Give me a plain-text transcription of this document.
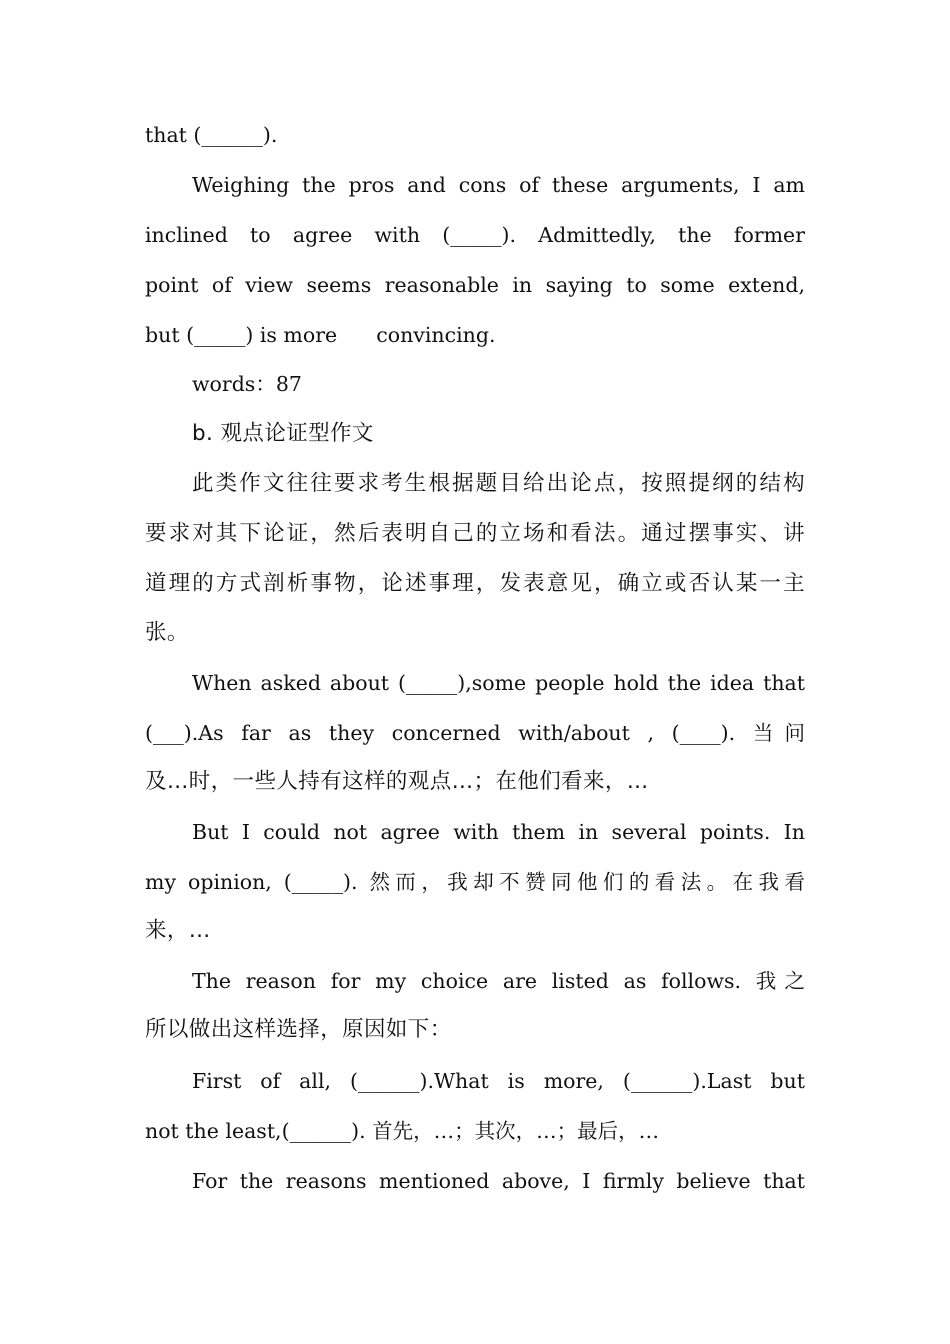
that (______).
Weighing the pros and cons of these arguments, I am
inclined to agree with (_____). Admittedly, the former
point of view seems reasonable in saying to some extend,
but (_____) is more      convincing.
words：87
b. 观点论证型作文
此类作文往往要求考生根据题目给出论点，按照提纲的结构
要求对其下论证，然后表明自己的立场和看法。通过摆事实、讲
道理的方式剖析事物，论述事理，发表意见，确立或否认某一主
张。
When asked about (_____),some people hold the idea that
(___).As far as they concerned with/about , (____). 当问
及…时，一些人持有这样的观点…；在他们看来，…
But I could not agree with them in several points. In
my opinion, (_____). 然而，我却不赞同他们的看法。在我看
来，…
The reason for my choice are listed as follows. 我之
所以做出这样选择，原因如下：
First of all, (______).What is more, (______).Last but
not the least,(______). 首先，…；其次，…；最后，…
For the reasons mentioned above, I firmly believe that
